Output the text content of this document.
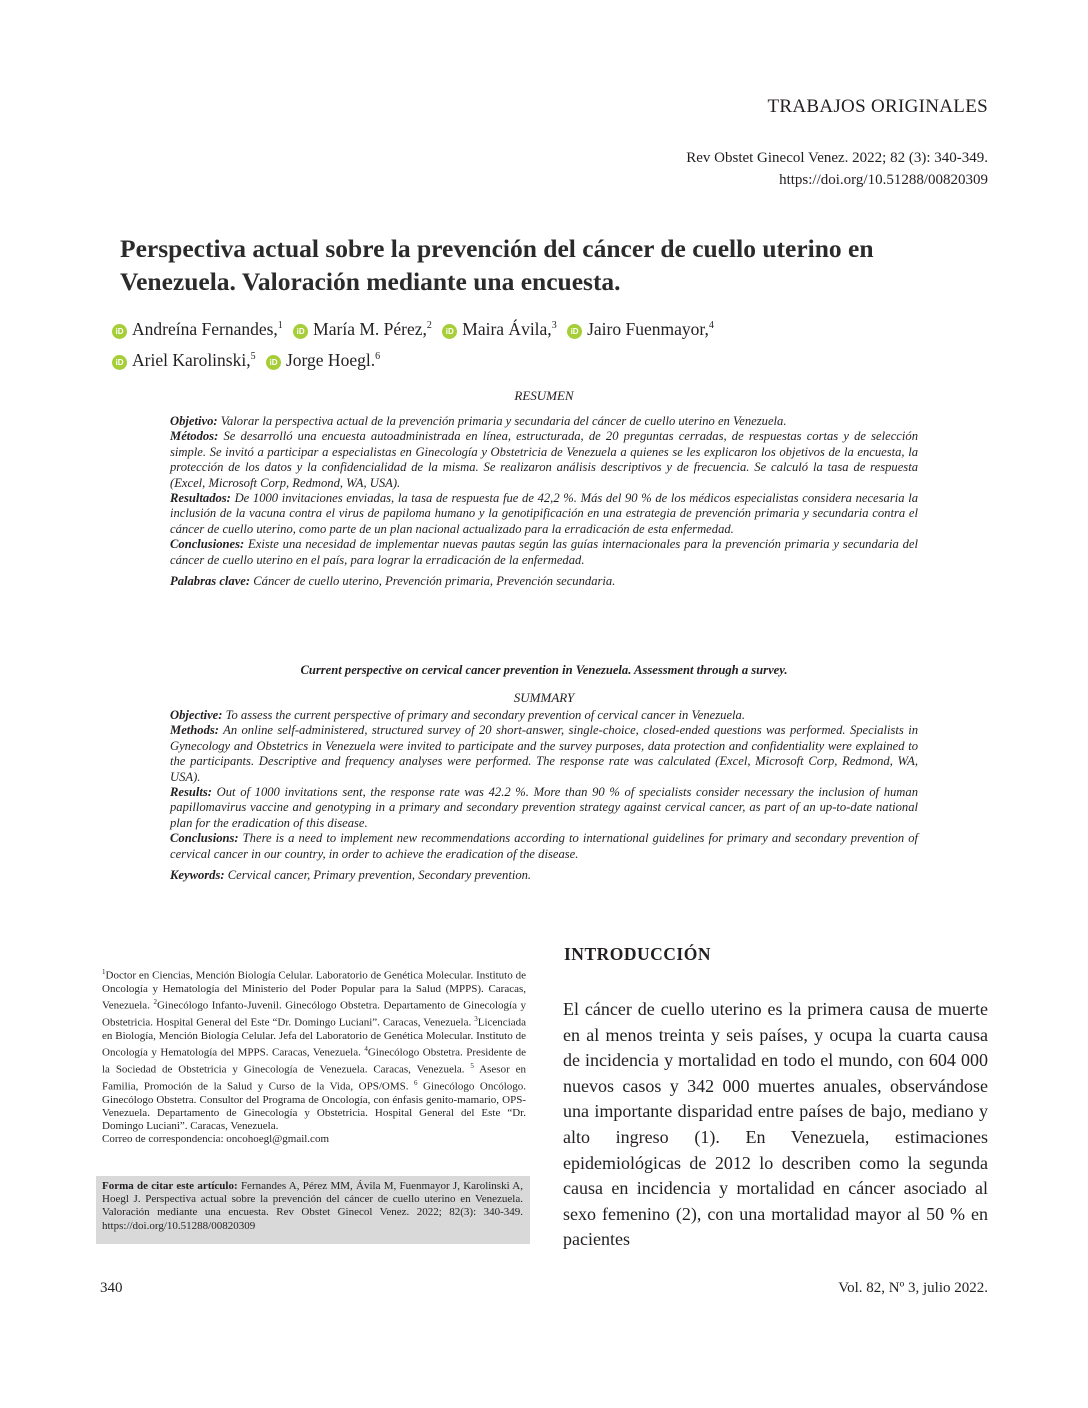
TRABAJOS ORIGINALES
Rev Obstet Ginecol Venez. 2022; 82 (3): 340-349.
https://doi.org/10.51288/00820309
Perspectiva actual sobre la prevención del cáncer de cuello uterino en Venezuela. Valoración mediante una encuesta.
iD Andreína Fernandes,$^1$ iD María M. Pérez,$^2$ iD Maira Ávila,$^3$ iD Jairo Fuenmayor,$^4$
iD Ariel Karolinski,$^5$ iD Jorge Hoegl.$^6$
RESUMEN

Objetivo: Valorar la perspectiva actual de la prevención primaria y secundaria del cáncer de cuello uterino en Venezuela.

Métodos: Se desarrolló una encuesta autoadministrada en línea, estructurada, de 20 preguntas cerradas, de respuestas cortas y de selección simple. Se invitó a participar a especialistas en Ginecología y Obstetricia de Venezuela a quienes se les explicaron los objetivos de la encuesta, la protección de los datos y la confidencialidad de la misma. Se realizaron análisis descriptivos y de frecuencia. Se calculó la tasa de respuesta (Excel, Microsoft Corp, Redmond, WA, USA).

Resultados: De 1000 invitaciones enviadas, la tasa de respuesta fue de 42,2 %. Más del 90 % de los médicos especialistas considera necesaria la inclusión de la vacuna contra el virus de papiloma humano y la genotipificación en una estrategia de prevención primaria y secundaria contra el cáncer de cuello uterino, como parte de un plan nacional actualizado para la erradicación de esta enfermedad.

Conclusiones: Existe una necesidad de implementar nuevas pautas según las guías internacionales para la prevención primaria y secundaria del cáncer de cuello uterino en el país, para lograr la erradicación de la enfermedad.

Palabras clave: Cáncer de cuello uterino, Prevención primaria, Prevención secundaria.

Current perspective on cervical cancer prevention in Venezuela. Assessment through a survey.
SUMMARY

Objective: To assess the current perspective of primary and secondary prevention of cervical cancer in Venezuela.

Methods: An online self-administered, structured survey of 20 short-answer, single-choice, closed-ended questions was performed. Specialists in Gynecology and Obstetrics in Venezuela were invited to participate and the survey purposes, data protection and confidentiality were explained to the participants. Descriptive and frequency analyses were performed. The response rate was calculated (Excel, Microsoft Corp, Redmond, WA, USA).

Results: Out of 1000 invitations sent, the response rate was 42.2 %. More than 90 % of specialists consider necessary the inclusion of human papillomavirus vaccine and genotyping in a primary and secondary prevention strategy against cervical cancer, as part of an up-to-date national plan for the eradication of this disease.

Conclusions: There is a need to implement new recommendations according to international guidelines for primary and secondary prevention of cervical cancer in our country, in order to achieve the eradication of the disease.

Keywords: Cervical cancer, Primary prevention, Secondary prevention.

$^1$Doctor en Ciencias, Mención Biología Celular. Laboratorio de Genética Molecular. Instituto de Oncología y Hematología del Ministerio del Poder Popular para la Salud (MPPS). Caracas, Venezuela. $^2$Ginecólogo Infanto-Juvenil. Ginecólogo Obstetra. Departamento de Ginecología y Obstetricia. Hospital General del Este “Dr. Domingo Luciani”. Caracas, Venezuela. $^3$Licenciada en Biología, Mención Biología Celular. Jefa del Laboratorio de Genética Molecular. Instituto de Oncología y Hematología del MPPS. Caracas, Venezuela. $^4$Ginecólogo Obstetra. Presidente de la Sociedad de Obstetricia y Ginecología de Venezuela. Caracas, Venezuela. $^5$ Asesor en Familia, Promoción de la Salud y Curso de la Vida, OPS/OMS. $^6$ Ginecólogo Oncólogo. Ginecólogo Obstetra. Consultor del Programa de Oncología, con énfasis genito-mamario, OPS-Venezuela. Departamento de Ginecología y Obstetricia. Hospital General del Este “Dr. Domingo Luciani”. Caracas, Venezuela.

Correo de correspondencia: oncohoegl@gmail.com

Forma de citar este artículo: Fernandes A, Pérez MM, Ávila M, Fuenmayor J, Karolinski A, Hoegl J. Perspectiva actual sobre la prevención del cáncer de cuello uterino en Venezuela. Valoración mediante una encuesta. Rev Obstet Ginecol Venez. 2022; 82(3): 340-349. https://doi.org/10.51288/00820309
INTRODUCCIÓN
El cáncer de cuello uterino es la primera causa de muerte en al menos treinta y seis países, y ocupa la cuarta causa de incidencia y mortalidad en todo el mundo, con 604 000 nuevos casos y 342 000 muertes anuales, observándose una importante disparidad entre países de bajo, mediano y alto ingreso (1). En Venezuela, estimaciones epidemiológicas de 2012 lo describen como la segunda causa en incidencia y mortalidad en cáncer asociado al sexo femenino (2), con una mortalidad mayor al 50 % en pacientes
340	Vol. 82, Nº 3, julio 2022.
